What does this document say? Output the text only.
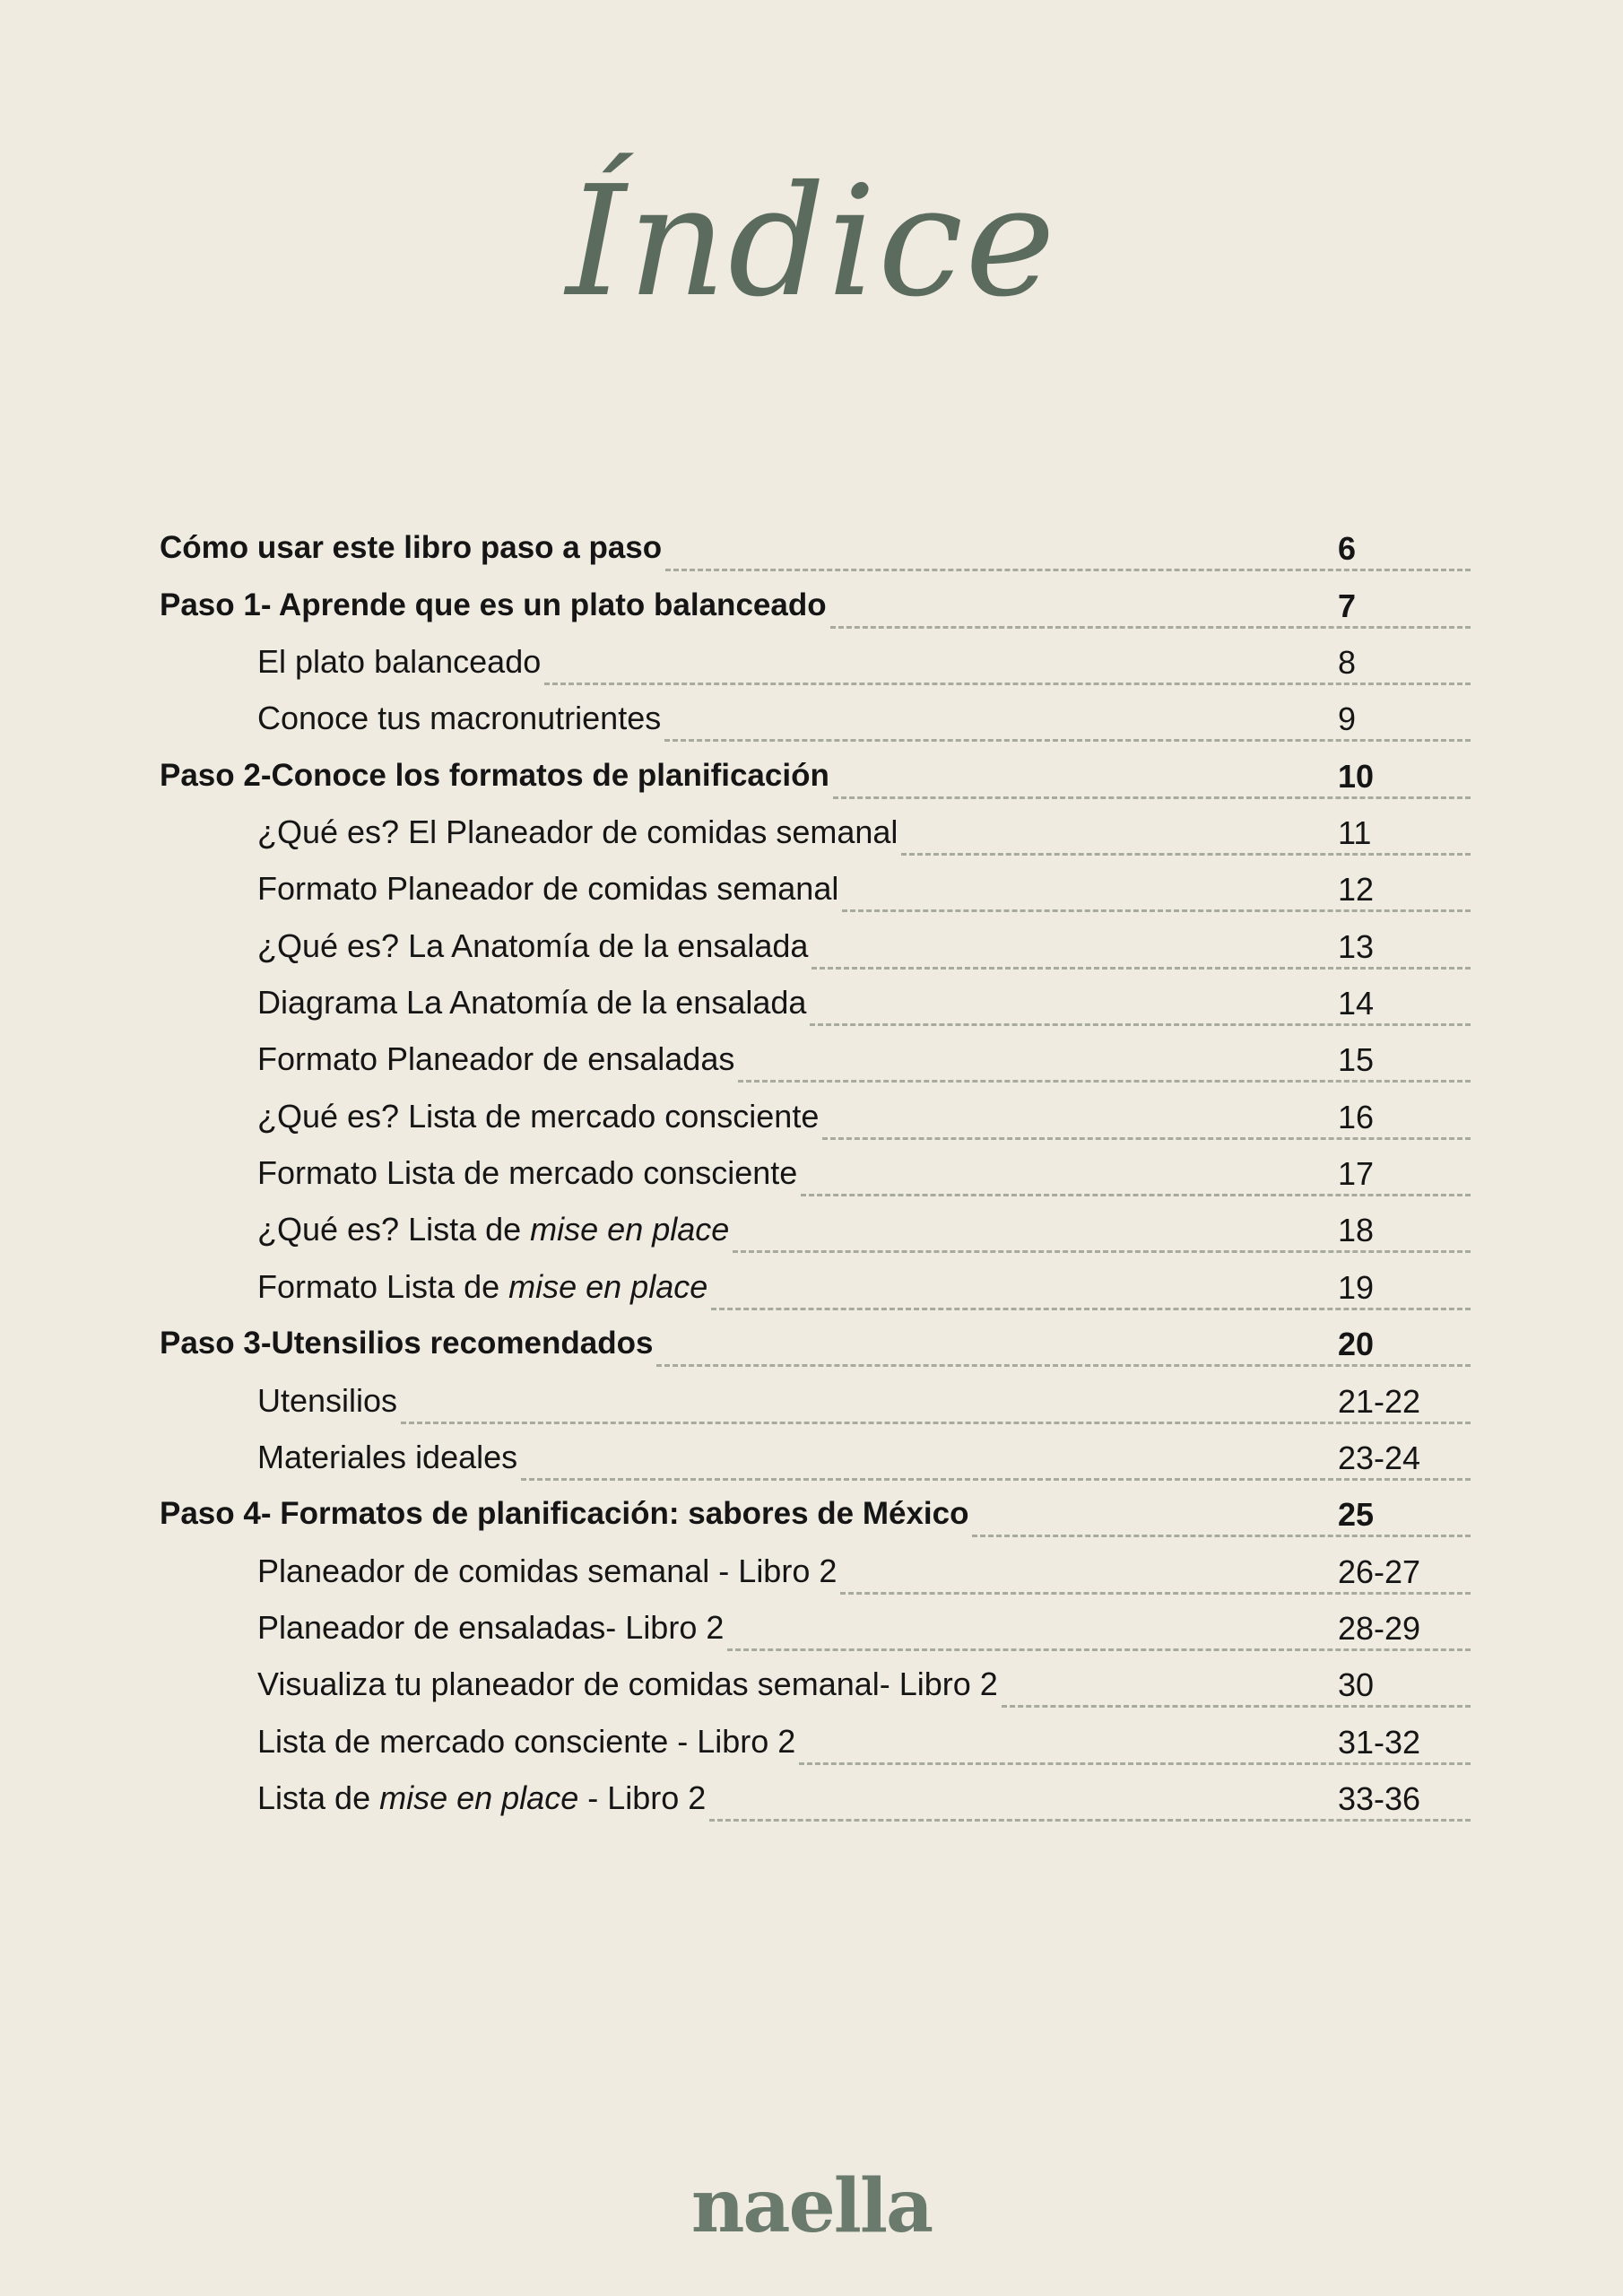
Índice
Cómo usar este libro paso a paso	6
Paso 1- Aprende que es un plato balanceado	7
El plato balanceado	8
Conoce tus macronutrientes	9
Paso 2-Conoce los formatos de planificación	10
¿Qué es? El Planeador de comidas semanal	11
Formato Planeador de comidas semanal	12
¿Qué es? La Anatomía de la ensalada	13
Diagrama La Anatomía de la ensalada	14
Formato Planeador de ensaladas	15
¿Qué es? Lista de mercado consciente	16
Formato Lista de mercado consciente	17
¿Qué es? Lista de mise en place	18
Formato Lista de mise en place	19
Paso 3-Utensilios recomendados	20
Utensilios	21-22
Materiales ideales	23-24
Paso 4- Formatos de planificación: sabores de México	25
Planeador de comidas semanal - Libro 2	26-27
Planeador de ensaladas- Libro 2	28-29
Visualiza tu planeador de comidas semanal- Libro 2	30
Lista de mercado consciente - Libro 2	31-32
Lista de mise en place - Libro 2	33-36
naella
